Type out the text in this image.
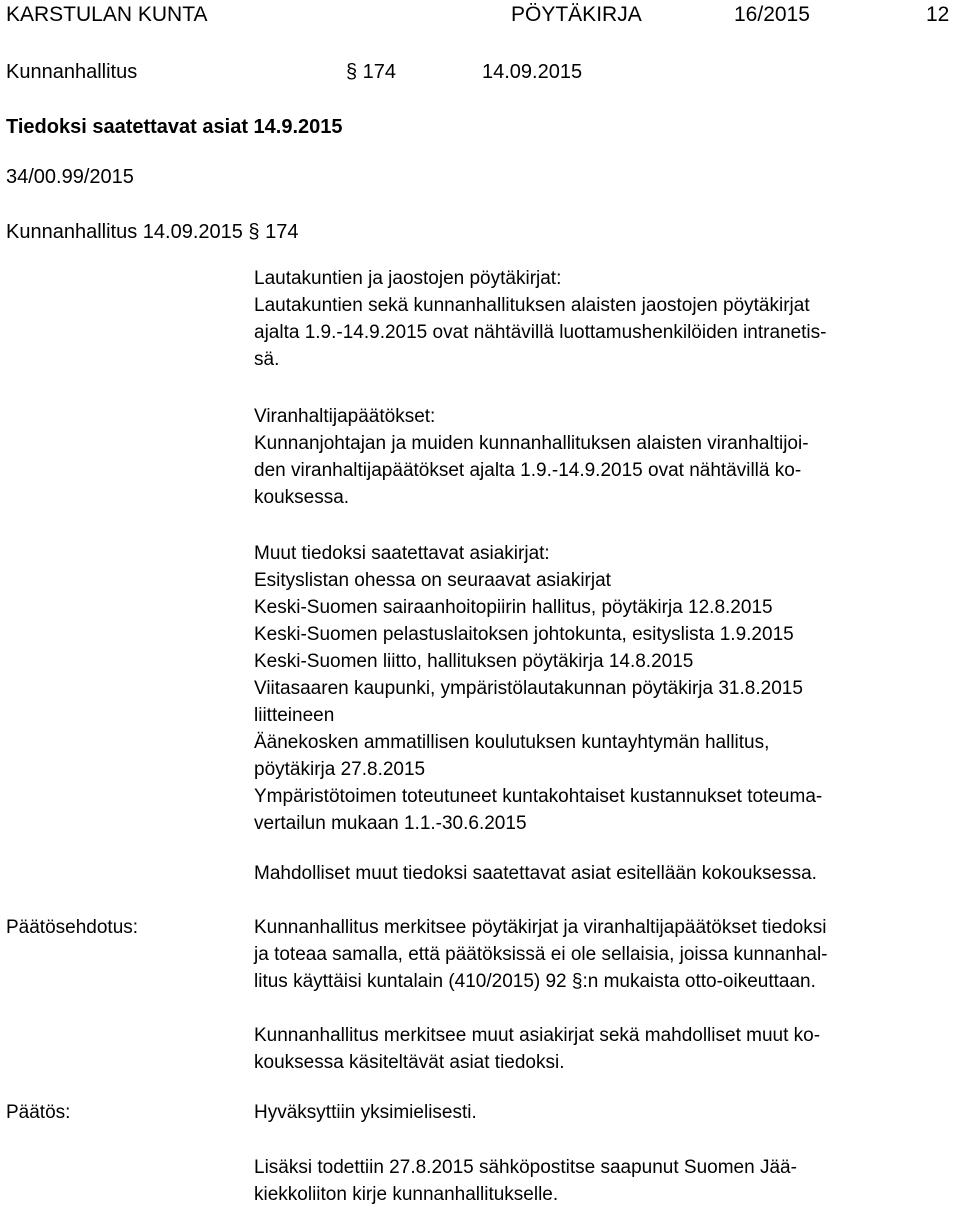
KARSTULAN KUNTA	PÖYTÄKIRJA	16/2015	12
Kunnanhallitus	§ 174	14.09.2015
Tiedoksi saatettavat asiat 14.9.2015
34/00.99/2015
Kunnanhallitus 14.09.2015 § 174
Lautakuntien ja jaostojen pöytäkirjat:
Lautakuntien sekä kunnanhallituksen alaisten jaostojen pöytäkirjat
ajalta 1.9.-14.9.2015 ovat nähtävillä luottamushenkilöiden intranetis-
sä.
Viranhaltijapäätökset:
Kunnanjohtajan ja muiden kunnanhallituksen alaisten viranhaltijoi-
den viranhaltijapäätökset ajalta 1.9.-14.9.2015 ovat nähtävillä ko-
kouksessa.
Muut tiedoksi saatettavat asiakirjat:
Esityslistan ohessa on seuraavat asiakirjat
Keski-Suomen sairaanhoitopiirin hallitus, pöytäkirja 12.8.2015
Keski-Suomen pelastuslaitoksen johtokunta, esityslista 1.9.2015
Keski-Suomen liitto, hallituksen pöytäkirja 14.8.2015
Viitasaaren kaupunki, ympäristölautakunnan pöytäkirja 31.8.2015
liitteineen
Äänekosken ammatillisen koulutuksen kuntayhtymän hallitus,
pöytäkirja 27.8.2015
Ympäristötoimen toteutuneet kuntakohtaiset kustannukset toteuma-
vertailun mukaan 1.1.-30.6.2015
Mahdolliset muut tiedoksi saatettavat asiat esitellään kokouksessa.
Päätösehdotus:	Kunnanhallitus merkitsee pöytäkirjat ja viranhaltijapäätökset tiedoksi
ja toteaa samalla, että päätöksissä ei ole sellaisia, joissa kunnanhal-
litus käyttäisi kuntalain (410/2015) 92 §:n mukaista otto-oikeuttaan.
Kunnanhallitus merkitsee muut asiakirjat sekä mahdolliset muut ko-
kouksessa käsiteltävät asiat tiedoksi.
Päätös:	Hyväksyttiin yksimielisesti.
Lisäksi todettiin 27.8.2015 sähköpostitse saapunut Suomen Jää-
kiekkoliiton kirje kunnanhallitukselle.
